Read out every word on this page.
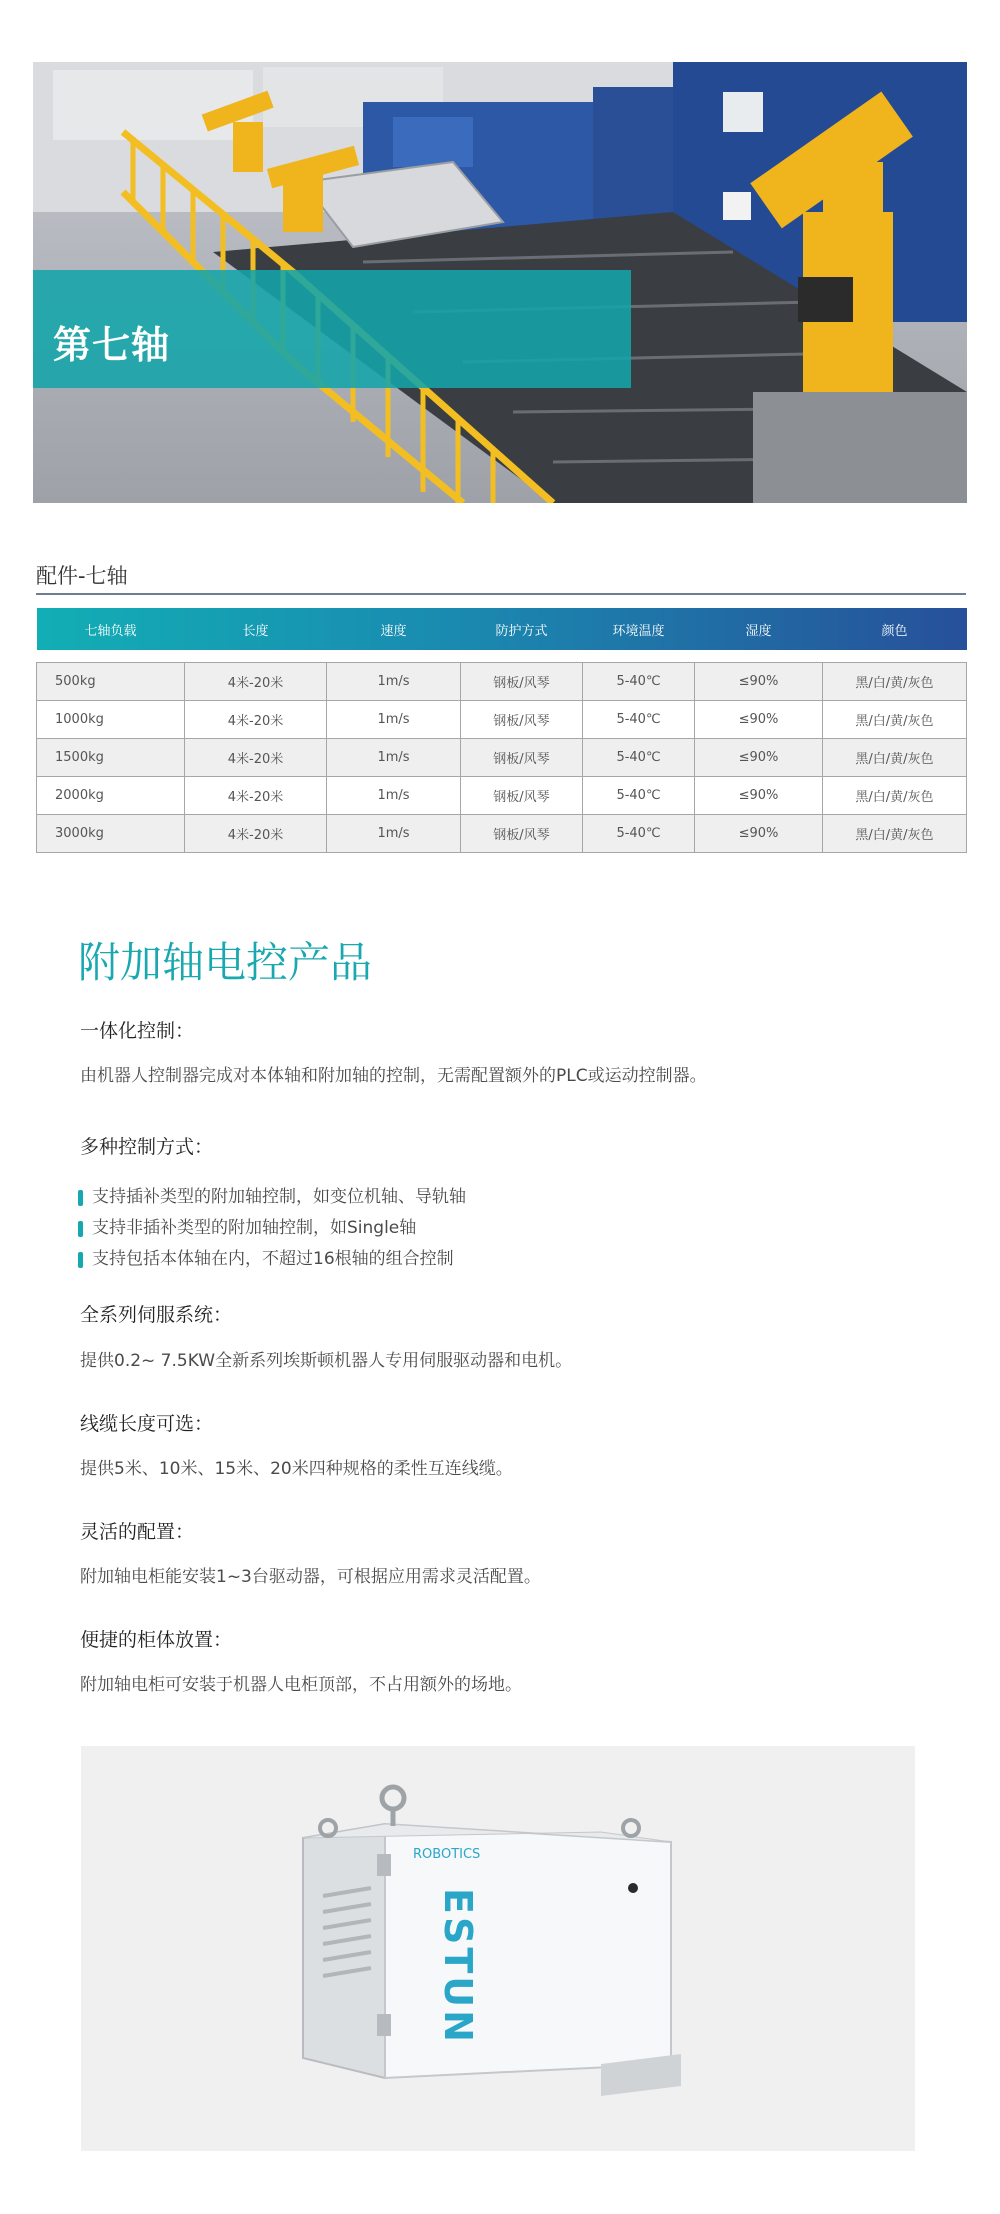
第七轴
配件-七轴
七轴负载	长度	速度	防护方式	环境温度	湿度	颜色

500kg	4米-20米	1m/s	钢板/风琴	5-40℃	≤90%	黑/白/黄/灰色
1000kg	4米-20米	1m/s	钢板/风琴	5-40℃	≤90%	黑/白/黄/灰色
1500kg	4米-20米	1m/s	钢板/风琴	5-40℃	≤90%	黑/白/黄/灰色
2000kg	4米-20米	1m/s	钢板/风琴	5-40℃	≤90%	黑/白/黄/灰色
3000kg	4米-20米	1m/s	钢板/风琴	5-40℃	≤90%	黑/白/黄/灰色
附加轴电控产品
一体化控制：
由机器人控制器完成对本体轴和附加轴的控制，无需配置额外的PLC或运动控制器。
多种控制方式：
支持插补类型的附加轴控制，如变位机轴、导轨轴
支持非插补类型的附加轴控制，如Single轴
支持包括本体轴在内，不超过16根轴的组合控制
全系列伺服系统：
提供0.2~ 7.5KW全新系列埃斯顿机器人专用伺服驱动器和电机。
线缆长度可选：
提供5米、10米、15米、20米四种规格的柔性互连线缆。
灵活的配置：
附加轴电柜能安装1~3台驱动器，可根据应用需求灵活配置。
便捷的柜体放置：
附加轴电柜可安装于机器人电柜顶部，不占用额外的场地。
ROBOTICS
ESTUN
